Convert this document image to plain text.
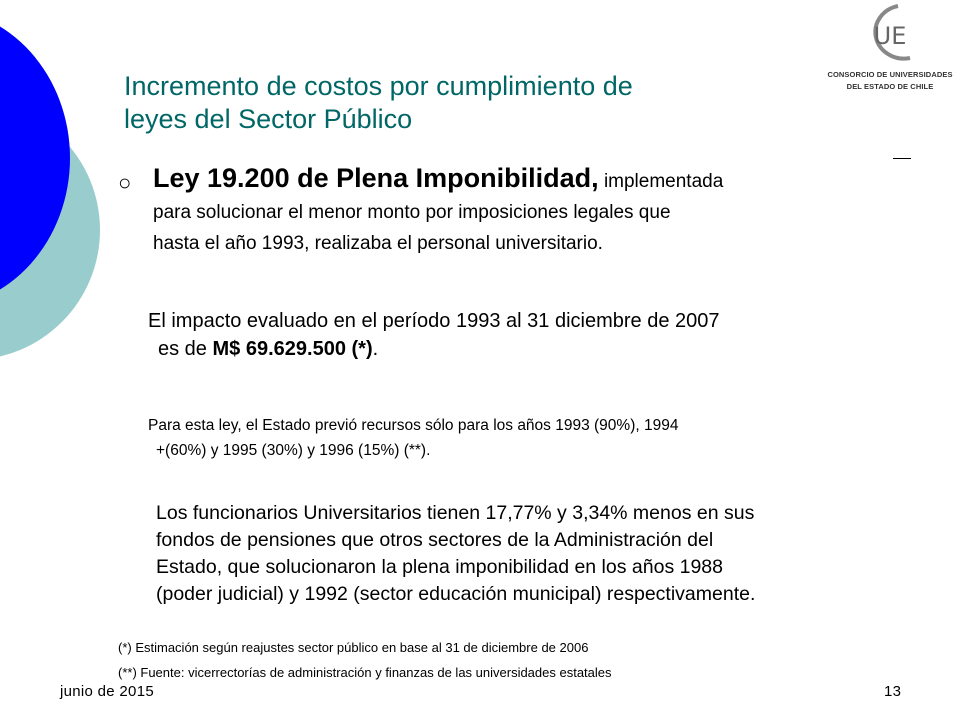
Incremento de costos por cumplimiento de
leyes del Sector Público
UE
CONSORCIO DE UNIVERSIDADES
DEL ESTADO DE CHILE
○ Ley 19.200 de Plena Imponibilidad, implementada
para solucionar el menor monto por imposiciones legales que
hasta el año 1993, realizaba el personal universitario.
El impacto evaluado en el período 1993 al 31 diciembre de 2007
es de M$ 69.629.500 (*).
Para esta ley, el Estado previó recursos sólo para los años 1993 (90%), 1994
+(60%) y 1995 (30%) y 1996 (15%) (**).
Los funcionarios Universitarios tienen 17,77% y 3,34% menos en sus
fondos de pensiones que otros sectores de la Administración del
Estado, que solucionaron la plena imponibilidad en los años 1988
(poder judicial) y 1992 (sector educación municipal) respectivamente.
(*) Estimación según reajustes sector público en base al 31 de diciembre de 2006
(**) Fuente: vicerrectorías de administración y finanzas de las universidades estatales
junio de 2015	13
